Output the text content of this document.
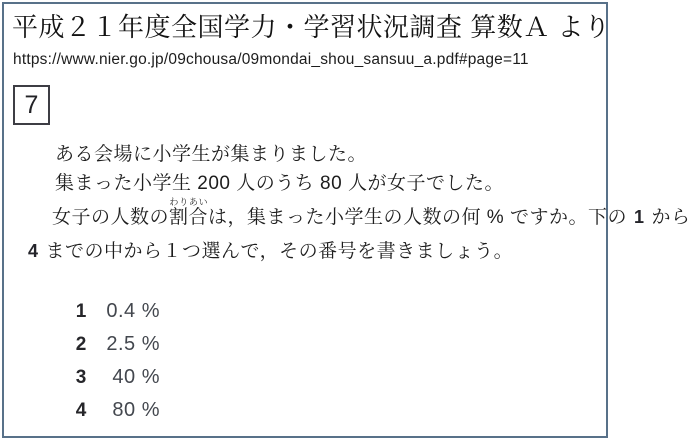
平成２１年度全国学力・学習状況調査 算数Ａ より
https://www.nier.go.jp/09chousa/09mondai_shou_sansuu_a.pdf#page=11
7
ある会場に小学生が集まりました。
集まった小学生 200 人のうち 80 人が女子でした。
女子の人数の割合わりあいは，集まった小学生の人数の何 % ですか。下の 1 から
4 までの中から１つ選んで，その番号を書きましょう。
1 0.4 %
2 2.5 %
3	40 %
4	80 %
